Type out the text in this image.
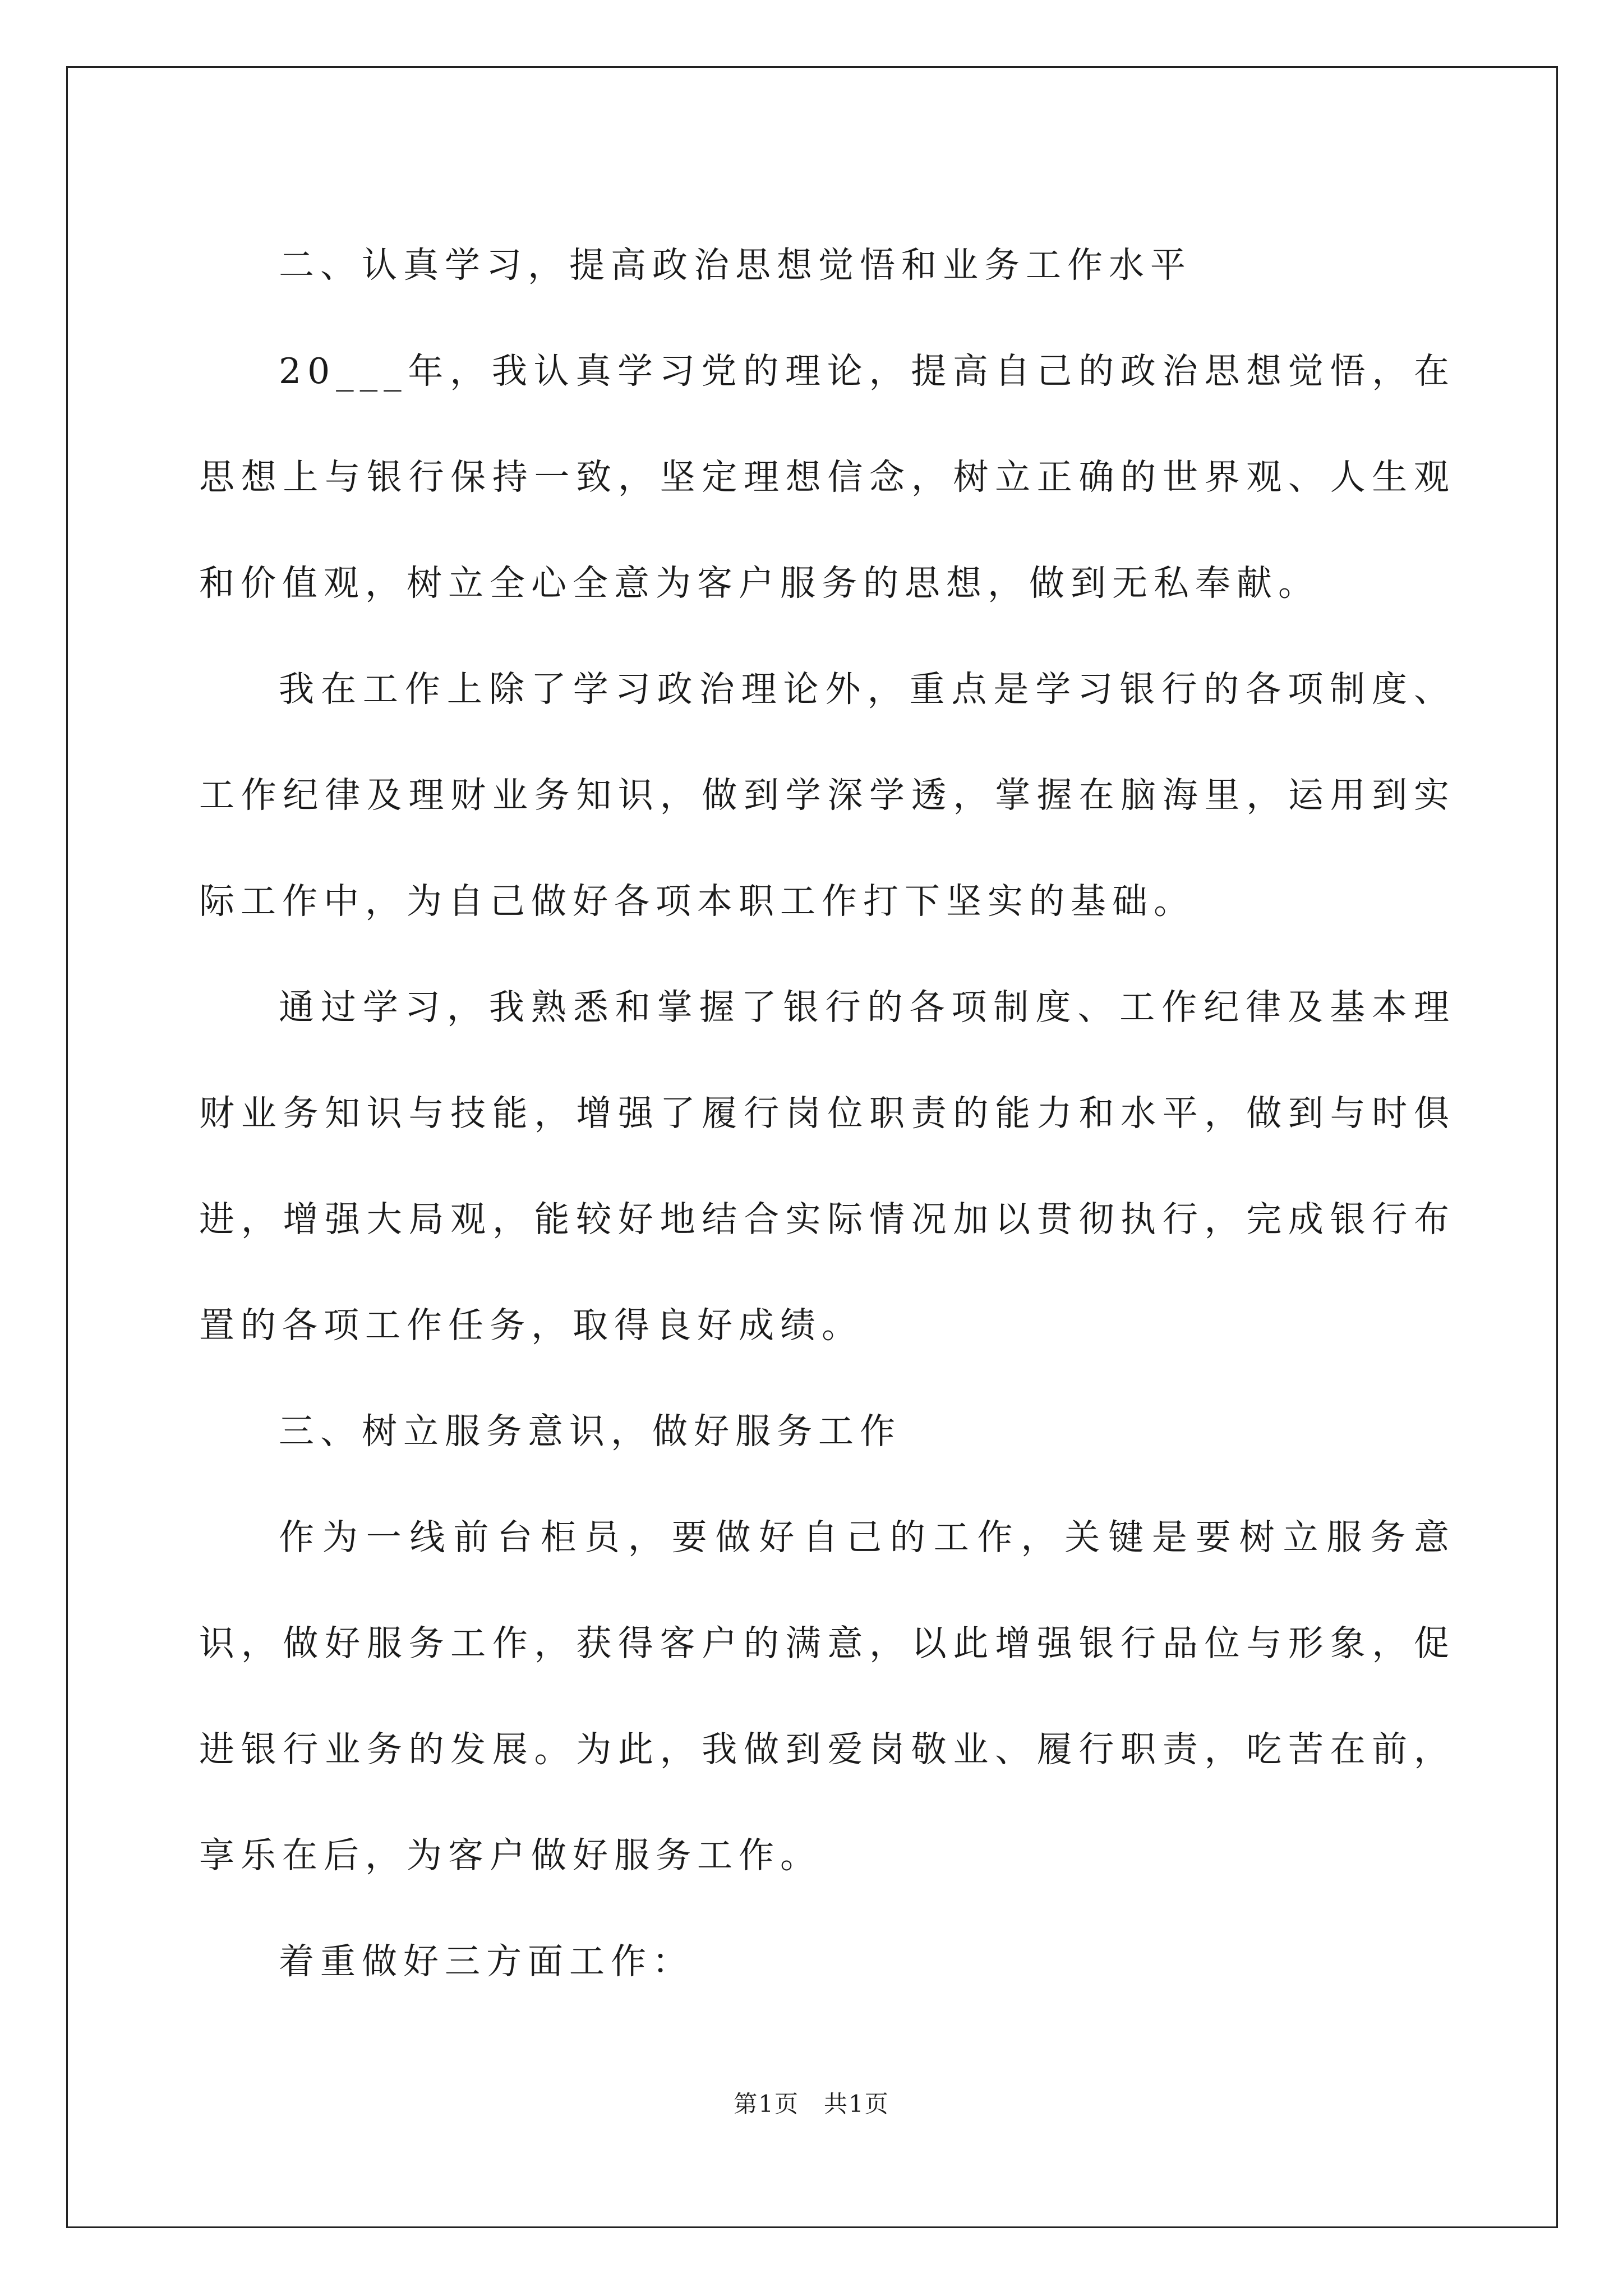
二、认真学习，提高政治思想觉悟和业务工作水平

20___年，我认真学习党的理论，提高自己的政治思想觉悟，在思想上与银行保持一致，坚定理想信念，树立正确的世界观、人生观和价值观，树立全心全意为客户服务的思想，做到无私奉献。

我在工作上除了学习政治理论外，重点是学习银行的各项制度、工作纪律及理财业务知识，做到学深学透，掌握在脑海里，运用到实际工作中，为自己做好各项本职工作打下坚实的基础。

通过学习，我熟悉和掌握了银行的各项制度、工作纪律及基本理财业务知识与技能，增强了履行岗位职责的能力和水平，做到与时俱进，增强大局观，能较好地结合实际情况加以贯彻执行，完成银行布置的各项工作任务，取得良好成绩。

三、树立服务意识，做好服务工作

作为一线前台柜员，要做好自己的工作，关键是要树立服务意识，做好服务工作，获得客户的满意，以此增强银行品位与形象，促进银行业务的发展。为此，我做到爱岗敬业、履行职责，吃苦在前，享乐在后，为客户做好服务工作。

着重做好三方面工作：

第1页　共1页
